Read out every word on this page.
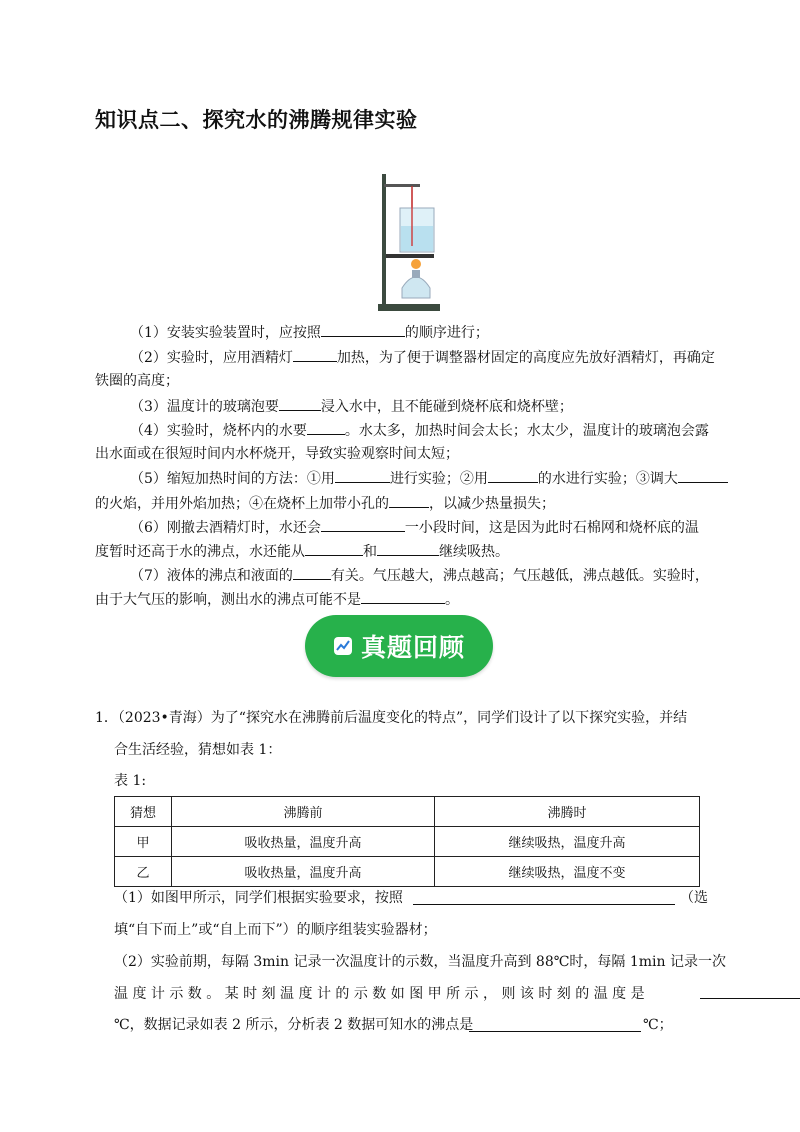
知识点二、探究水的沸腾规律实验
（1）安装实验装置时，应按照	的顺序进行；
（2）实验时，应用酒精灯	加热，为了便于调整器材固定的高度应先放好酒精灯，再确定
铁圈的高度；
（3）温度计的玻璃泡要	浸入水中，且不能碰到烧杯底和烧杯壁；
（4）实验时，烧杯内的水要	。水太多，加热时间会太长；水太少，温度计的玻璃泡会露
出水面或在很短时间内水杯烧开，导致实验观察时间太短；
（5）缩短加热时间的方法：①用	进行实验；②用	的水进行实验；③调大
的火焰，并用外焰加热；④在烧杯上加带小孔的	，以减少热量损失；
（6）刚撤去酒精灯时，水还会	一小段时间，这是因为此时石棉网和烧杯底的温
度暂时还高于水的沸点，水还能从	和	继续吸热。
（7）液体的沸点和液面的	有关。气压越大，沸点越高；气压越低，沸点越低。实验时，
由于大气压的影响，测出水的沸点可能不是	。
真题回顾
1．（2023•青海）为了“探究水在沸腾前后温度变化的特点”，同学们设计了以下探究实验，并结
合生活经验，猜想如表 1：
表 1:
猜想	沸腾前	沸腾时
甲	吸收热量，温度升高	继续吸热，温度升高
乙	吸收热量，温度升高	继续吸热，温度不变
（1）如图甲所示，同学们根据实验要求，按照	（选
填“自下而上”或“自上而下”）的顺序组装实验器材；
（2）实验前期，每隔 3min 记录一次温度计的示数，当温度升高到 88℃时，每隔 1min 记录一次
温 度 计 示 数 。 某 时 刻 温 度 计 的 示 数 如 图 甲 所 示 ， 则 该 时 刻 的 温 度 是
℃，数据记录如表 2 所示，分析表 2 数据可知水的沸点是	℃；
